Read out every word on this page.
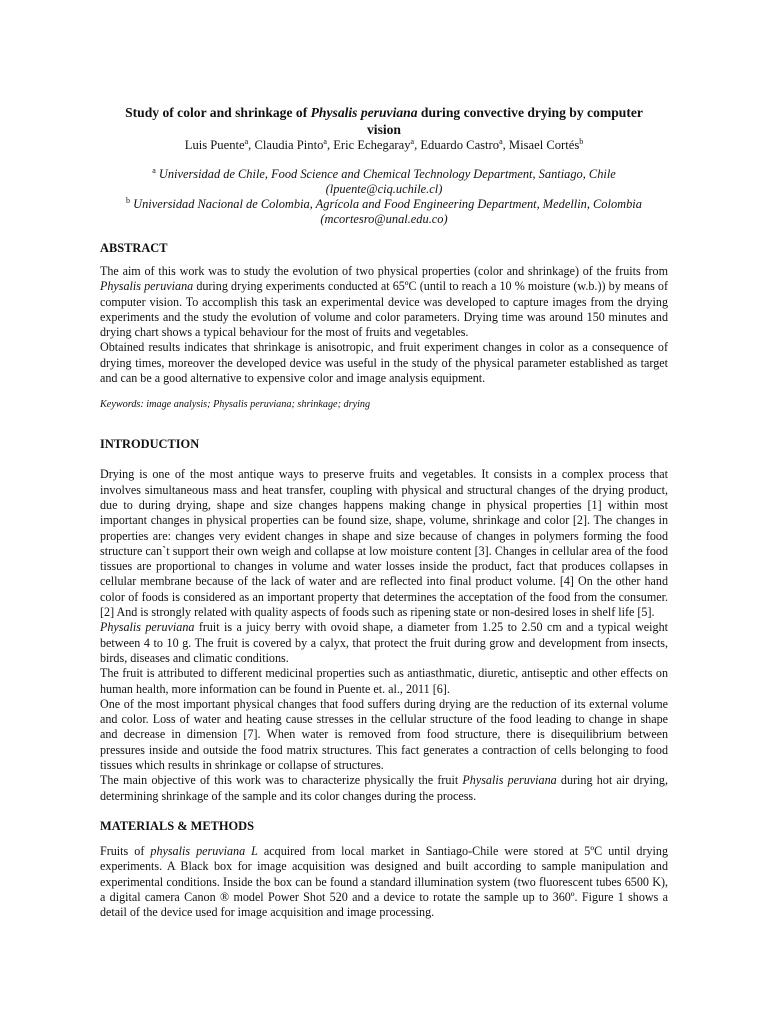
Study of color and shrinkage of Physalis peruviana during convective drying by computer vision
Luis Puente$^a$, Claudia Pinto$^a$, Eric Echegaray$^a$, Eduardo Castro$^a$, Misael Cortés$^b$
$^a$ Universidad de Chile, Food Science and Chemical Technology Department, Santiago, Chile
(lpuente@ciq.uchile.cl)
$^b$ Universidad Nacional de Colombia, Agrícola and Food Engineering Department, Medellin, Colombia
(mcortesro@unal.edu.co)
ABSTRACT

The aim of this work was to study the evolution of two physical properties (color and shrinkage) of the fruits from Physalis peruviana during drying experiments conducted at 65ºC (until to reach a 10 % moisture (w.b.)) by means of computer vision. To accomplish this task an experimental device was developed to capture images from the drying experiments and the study the evolution of volume and color parameters. Drying time was around 150 minutes and drying chart shows a typical behaviour for the most of fruits and vegetables.

Obtained results indicates that shrinkage is anisotropic, and fruit experiment changes in color as a consequence of drying times, moreover the developed device was useful in the study of the physical parameter established as target and can be a good alternative to expensive color and image analysis equipment.

Keywords: image analysis; Physalis peruviana; shrinkage; drying

INTRODUCTION

Drying is one of the most antique ways to preserve fruits and vegetables. It consists in a complex process that involves simultaneous mass and heat transfer, coupling with physical and structural changes of the drying product, due to during drying, shape and size changes happens making change in physical properties [1] within most important changes in physical properties can be found size, shape, volume, shrinkage and color [2]. The changes in properties are: changes very evident changes in shape and size because of changes in polymers forming the food structure can`t support their own weigh and collapse at low moisture content [3]. Changes in cellular area of the food tissues are proportional to changes in volume and water losses inside the product, fact that produces collapses in cellular membrane because of the lack of water and are reflected into final product volume. [4] On the other hand color of foods is considered as an important property that determines the acceptation of the food from the consumer. [2] And is strongly related with quality aspects of foods such as ripening state or non-desired loses in shelf life [5].

Physalis peruviana fruit is a juicy berry with ovoid shape, a diameter from 1.25 to 2.50 cm and a typical weight between 4 to 10 g. The fruit is covered by a calyx, that protect the fruit during grow and development from insects, birds, diseases and climatic conditions.

The fruit is attributed to different medicinal properties such as antiasthmatic, diuretic, antiseptic and other effects on human health, more information can be found in Puente et. al., 2011 [6].

One of the most important physical changes that food suffers during drying are the reduction of its external volume and color. Loss of water and heating cause stresses in the cellular structure of the food leading to change in shape and decrease in dimension [7]. When water is removed from food structure, there is disequilibrium between pressures inside and outside the food matrix structures. This fact generates a contraction of cells belonging to food tissues which results in shrinkage or collapse of structures.

The main objective of this work was to characterize physically the fruit Physalis peruviana during hot air drying, determining shrinkage of the sample and its color changes during the process.

MATERIALS & METHODS

Fruits of physalis peruviana L acquired from local market in Santiago-Chile were stored at 5ºC until drying experiments. A Black box for image acquisition was designed and built according to sample manipulation and experimental conditions. Inside the box can be found a standard illumination system (two fluorescent tubes 6500 K), a digital camera Canon ® model Power Shot 520 and a device to rotate the sample up to 360º. Figure 1 shows a detail of the device used for image acquisition and image processing.
